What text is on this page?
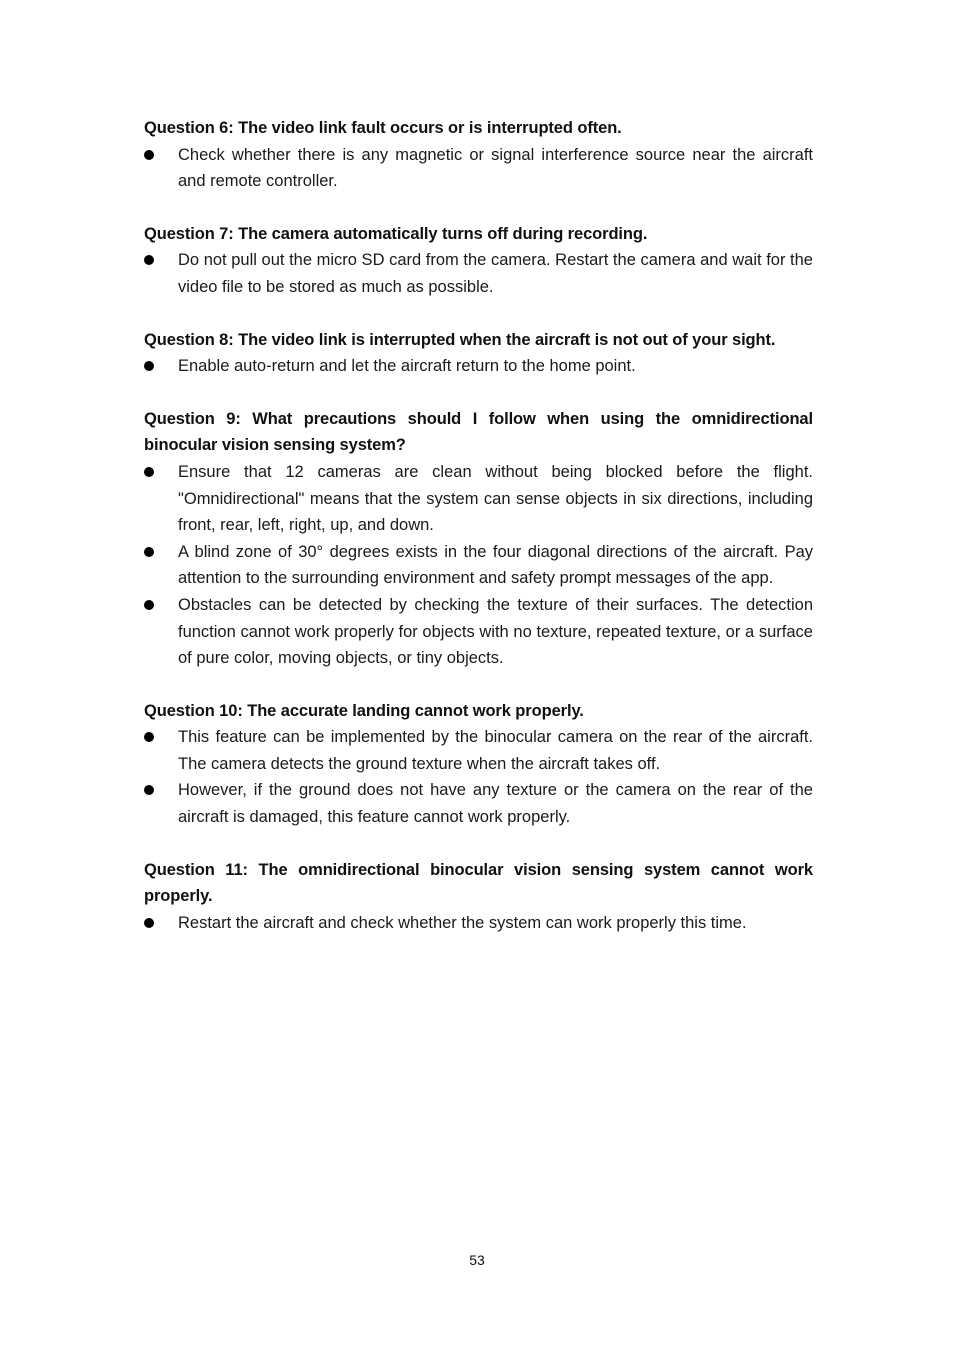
Question 6: The video link fault occurs or is interrupted often.

Check whether there is any magnetic or signal interference source near the aircraft and remote controller.

Question 7: The camera automatically turns off during recording.

Do not pull out the micro SD card from the camera. Restart the camera and wait for the video file to be stored as much as possible.

Question 8: The video link is interrupted when the aircraft is not out of your sight.

Enable auto-return and let the aircraft return to the home point.

Question 9: What precautions should I follow when using the omnidirectional binocular vision sensing system?

Ensure that 12 cameras are clean without being blocked before the flight. "Omnidirectional" means that the system can sense objects in six directions, including front, rear, left, right, up, and down.
A blind zone of 30° degrees exists in the four diagonal directions of the aircraft. Pay attention to the surrounding environment and safety prompt messages of the app.
Obstacles can be detected by checking the texture of their surfaces. The detection function cannot work properly for objects with no texture, repeated texture, or a surface of pure color, moving objects, or tiny objects.

Question 10: The accurate landing cannot work properly.

This feature can be implemented by the binocular camera on the rear of the aircraft. The camera detects the ground texture when the aircraft takes off.
However, if the ground does not have any texture or the camera on the rear of the aircraft is damaged, this feature cannot work properly.

Question 11: The omnidirectional binocular vision sensing system cannot work properly.

Restart the aircraft and check whether the system can work properly this time.
53
